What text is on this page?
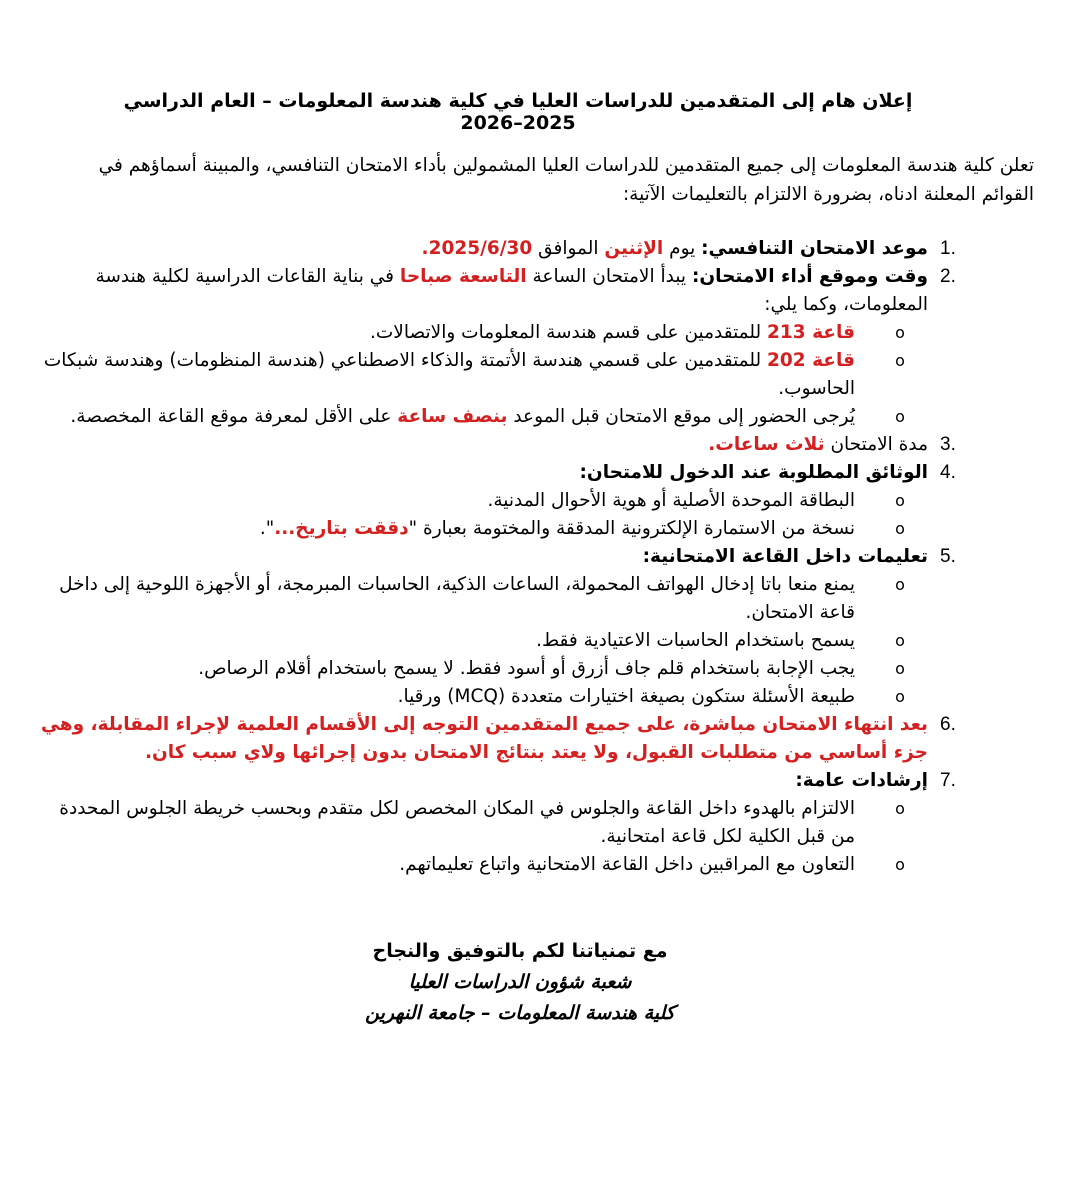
إعلان هام إلى المتقدمين للدراسات العليا في كلية هندسة المعلومات – العام الدراسي 2025–2026
تعلن كلية هندسة المعلومات إلى جميع المتقدمين للدراسات العليا المشمولين بأداء الامتحان التنافسي، والمبينة أسماؤهم في
القوائم المعلنة ادناه، بضرورة الالتزام بالتعليمات الآتية:
1.
موعد الامتحان التنافسي: يوم الإثنين الموافق 2025/6/30.
2.
وقت وموقع أداء الامتحان: يبدأ الامتحان الساعة التاسعة صباحا في بناية القاعات الدراسية لكلية هندسة المعلومات، وكما يلي:
o
قاعة 213 للمتقدمين على قسم هندسة المعلومات والاتصالات.
o
قاعة 202 للمتقدمين على قسمي هندسة الأتمتة والذكاء الاصطناعي (هندسة المنظومات) وهندسة شبكات الحاسوب.
o
يُرجى الحضور إلى موقع الامتحان قبل الموعد بنصف ساعة على الأقل لمعرفة موقع القاعة المخصصة.
3.
مدة الامتحان ثلاث ساعات.
4.
الوثائق المطلوبة عند الدخول للامتحان:
o
البطاقة الموحدة الأصلية أو هوية الأحوال المدنية.
o
نسخة من الاستمارة الإلكترونية المدققة والمختومة بعبارة "دققت بتاريخ...".
5.
تعليمات داخل القاعة الامتحانية:
o
يمنع منعا باتا إدخال الهواتف المحمولة، الساعات الذكية، الحاسبات المبرمجة، أو الأجهزة اللوحية إلى داخل قاعة الامتحان.
o
يسمح باستخدام الحاسبات الاعتيادية فقط.
o
يجب الإجابة باستخدام قلم جاف أزرق أو أسود فقط. لا يسمح باستخدام أقلام الرصاص.
o
طبيعة الأسئلة ستكون بصيغة اختيارات متعددة (MCQ) ورقيا.
6.
بعد انتهاء الامتحان مباشرة، على جميع المتقدمين التوجه إلى الأقسام العلمية لإجراء المقابلة، وهي جزء أساسي من متطلبات القبول، ولا يعتد بنتائج الامتحان بدون إجرائها ولاي سبب كان.
7.
إرشادات عامة:
o
الالتزام بالهدوء داخل القاعة والجلوس في المكان المخصص لكل متقدم وبحسب خريطة الجلوس المحددة من قبل الكلية لكل قاعة امتحانية.
o
التعاون مع المراقبين داخل القاعة الامتحانية واتباع تعليماتهم.
مع تمنياتنا لكم بالتوفيق والنجاح
شعبة شؤون الدراسات العليا
كلية هندسة المعلومات – جامعة النهرين
